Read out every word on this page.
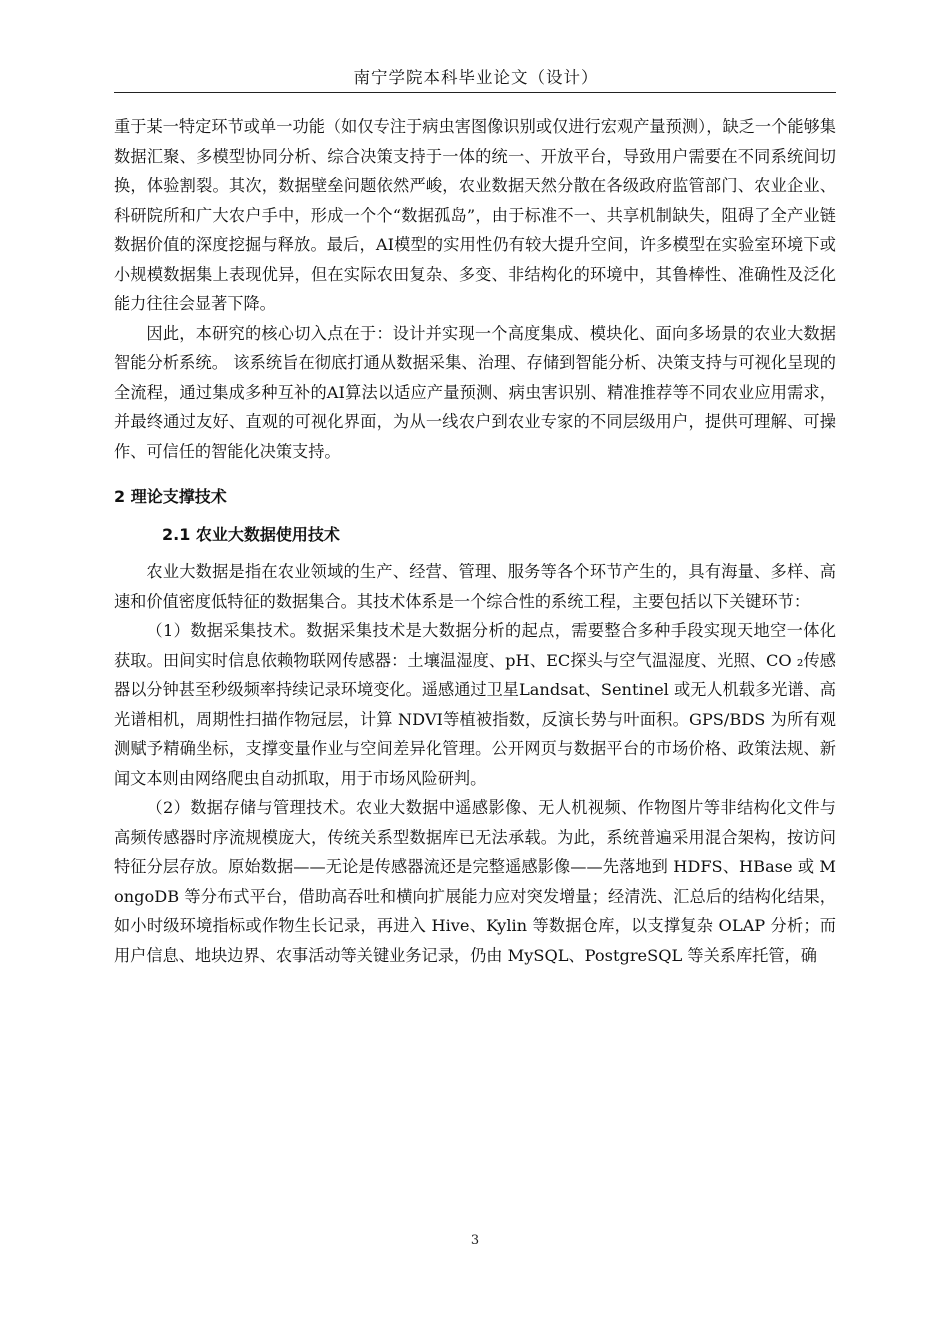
南宁学院本科毕业论文（设计）

重于某一特定环节或单一功能（如仅专注于病虫害图像识别或仅进行宏观产量预测），缺乏一个能够集数据汇聚、多模型协同分析、综合决策支持于一体的统一、开放平台，导致用户需要在不同系统间切换，体验割裂。其次，数据壁垒问题依然严峻，农业数据天然分散在各级政府监管部门、农业企业、科研院所和广大农户手中，形成一个个“数据孤岛”，由于标准不一、共享机制缺失，阻碍了全产业链数据价值的深度挖掘与释放。最后，AI模型的实用性仍有较大提升空间，许多模型在实验室环境下或小规模数据集上表现优异，但在实际农田复杂、多变、非结构化的环境中，其鲁棒性、准确性及泛化能力往往会显著下降。

因此，本研究的核心切入点在于：设计并实现一个高度集成、模块化、面向多场景的农业大数据智能分析系统。 该系统旨在彻底打通从数据采集、治理、存储到智能分析、决策支持与可视化呈现的全流程，通过集成多种互补的AI算法以适应产量预测、病虫害识别、精准推荐等不同农业应用需求，并最终通过友好、直观的可视化界面，为从一线农户到农业专家的不同层级用户，提供可理解、可操作、可信任的智能化决策支持。

2 理论支撑技术

2.1 农业大数据使用技术

农业大数据是指在农业领域的生产、经营、管理、服务等各个环节产生的，具有海量、多样、高速和价值密度低特征的数据集合。其技术体系是一个综合性的系统工程，主要包括以下关键环节：

（1）数据采集技术。数据采集技术是大数据分析的起点，需要整合多种手段实现天地空一体化获取。田间实时信息依赖物联网传感器：土壤温湿度、pH、EC探头与空气温湿度、光照、CO ₂传感器以分钟甚至秒级频率持续记录环境变化。遥感通过卫星Landsat、Sentinel 或无人机载多光谱、高光谱相机，周期性扫描作物冠层，计算 NDVI等植被指数，反演长势与叶面积。GPS/BDS 为所有观测赋予精确坐标，支撑变量作业与空间差异化管理。公开网页与数据平台的市场价格、政策法规、新闻文本则由网络爬虫自动抓取，用于市场风险研判。

（2）数据存储与管理技术。农业大数据中遥感影像、无人机视频、作物图片等非结构化文件与高频传感器时序流规模庞大，传统关系型数据库已无法承载。为此，系统普遍采用混合架构，按访问特征分层存放。原始数据——无论是传感器流还是完整遥感影像——先落地到 HDFS、HBase 或 MongoDB 等分布式平台，借助高吞吐和横向扩展能力应对突发增量；经清洗、汇总后的结构化结果，如小时级环境指标或作物生长记录，再进入 Hive、Kylin 等数据仓库，以支撑复杂 OLAP 分析；而用户信息、地块边界、农事活动等关键业务记录，仍由 MySQL、PostgreSQL 等关系库托管，确

3
